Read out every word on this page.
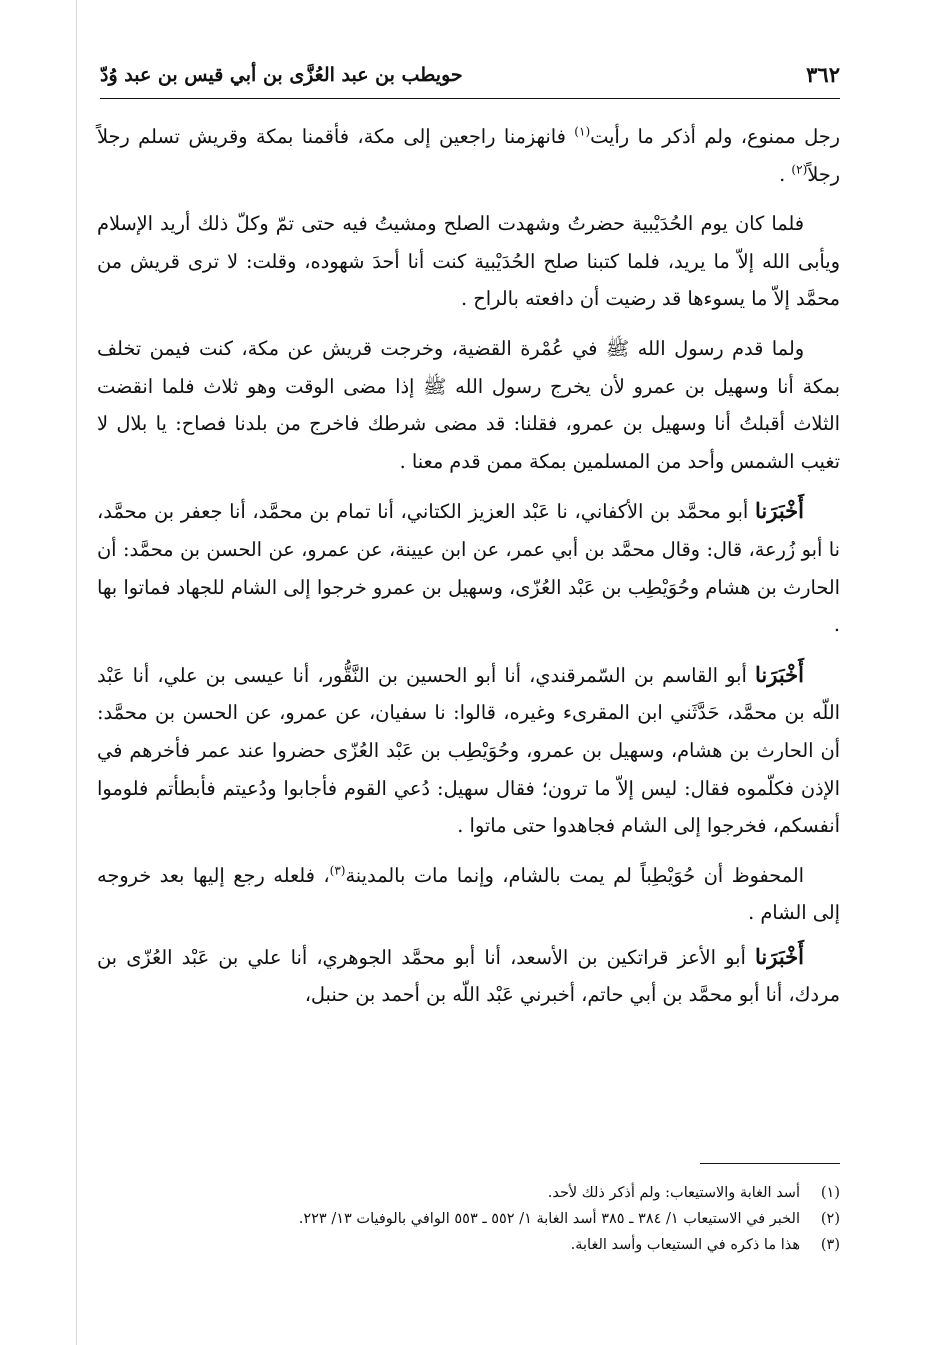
٣٦٢
حويطب بن عبد العُزَّى بن أبي قيس بن عبد وُدّ

رجل ممنوع، ولم أذكر ما رأيت$^{(١)}$ فانهزمنا راجعين إلى مكة، فأقمنا بمكة وقريش تسلم رجلاً رجلاً$^{(٢)}$ .

فلما كان يوم الحُدَيْبية حضرتُ وشهدت الصلح ومشيتُ فيه حتى تمّ وكلّ ذلك أريد الإسلام ويأبى الله إلاّ ما يريد، فلما كتبنا صلح الحُدَيْبية كنت أنا أحدَ شهوده، وقلت: لا ترى قريش من محمَّد إلاّ ما يسوءها قد رضيت أن دافعته بالراح .

ولما قدم رسول الله ﷺ في عُمْرة القضية، وخرجت قريش عن مكة، كنت فيمن تخلف بمكة أنا وسهيل بن عمرو لأن يخرج رسول الله ﷺ إذا مضى الوقت وهو ثلاث فلما انقضت الثلاث أقبلتُ أنا وسهيل بن عمرو، فقلنا: قد مضى شرطك فاخرج من بلدنا فصاح: يا بلال لا تغيب الشمس وأحد من المسلمين بمكة ممن قدم معنا .

أَخْبَرَنا أبو محمَّد بن الأكفاني، نا عَبْد العزيز الكتاني، أنا تمام بن محمَّد، أنا جعفر بن محمَّد، نا أبو زُرعة، قال: وقال محمَّد بن أبي عمر، عن ابن عيينة، عن عمرو، عن الحسن بن محمَّد: أن الحارث بن هشام وحُوَيْطِب بن عَبْد العُزّى، وسهيل بن عمرو خرجوا إلى الشام للجهاد فماتوا بها .

أَخْبَرَنا أبو القاسم بن السّمرقندي، أنا أبو الحسين بن النَّقُّور، أنا عيسى بن علي، أنا عَبْد اللّه بن محمَّد، حَدَّثَني ابن المقرىء وغيره، قالوا: نا سفيان، عن عمرو، عن الحسن بن محمَّد: أن الحارث بن هشام، وسهيل بن عمرو، وحُوَيْطِب بن عَبْد العُزّى حضروا عند عمر فأخرهم في الإذن فكلّموه فقال: ليس إلاّ ما ترون؛ فقال سهيل: دُعي القوم فأجابوا ودُعيتم فأبطأتم فلوموا أنفسكم، فخرجوا إلى الشام فجاهدوا حتى ماتوا .

المحفوظ أن حُوَيْطِباً لم يمت بالشام، وإنما مات بالمدينة$^{(٣)}$، فلعله رجع إليها بعد خروجه إلى الشام .

أَخْبَرَنا أبو الأعز قراتكين بن الأسعد، أنا أبو محمَّد الجوهري، أنا علي بن عَبْد العُزّى بن مردك، أنا أبو محمَّد بن أبي حاتم، أخبرني عَبْد اللّه بن أحمد بن حنبل،

(١)
أسد الغابة والاستيعاب: ولم أذكر ذلك لأحد.
(٢)
الخبر في الاستيعاب ١/ ٣٨٤ ـ ٣٨٥ أسد الغابة ١/ ٥٥٢ ـ ٥٥٣ الوافي بالوفيات ١٣/ ٢٢٣.
(٣)
هذا ما ذكره في الستيعاب وأسد الغابة.
